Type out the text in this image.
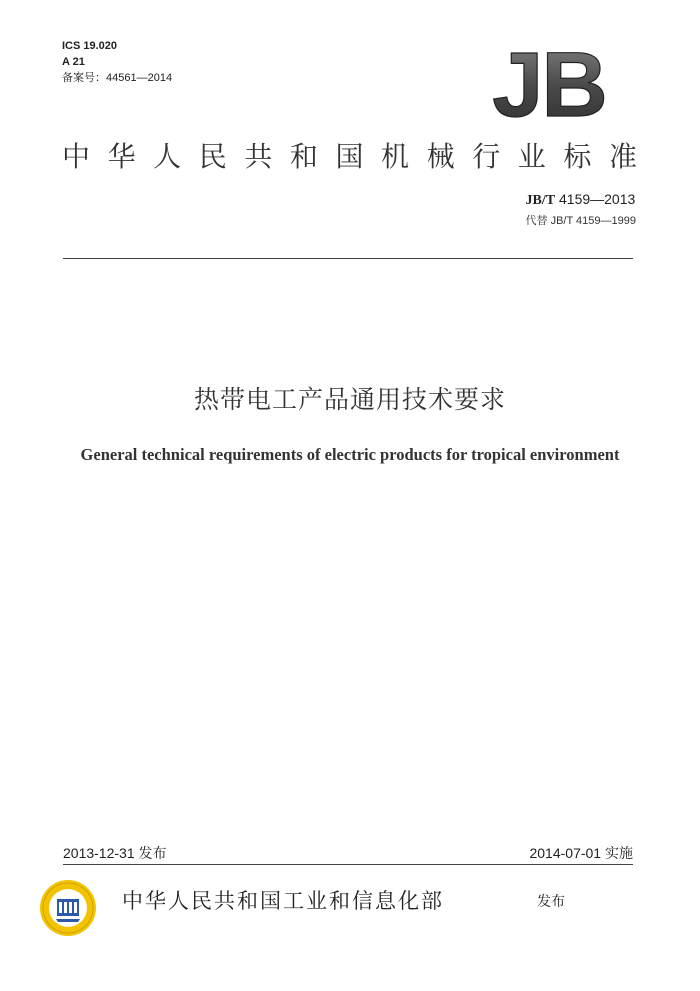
ICS 19.020
A 21
备案号：44561—2014	JB
中 华 人 民 共 和 国 机 械 行 业 标 准
JB/T 4159—2013
代替 JB/T 4159—1999
热带电工产品通用技术要求
General technical requirements of electric products for tropical environment
2013-12-31 发布	2014-07-01 实施
中华人民共和国工业和信息化部	发布
